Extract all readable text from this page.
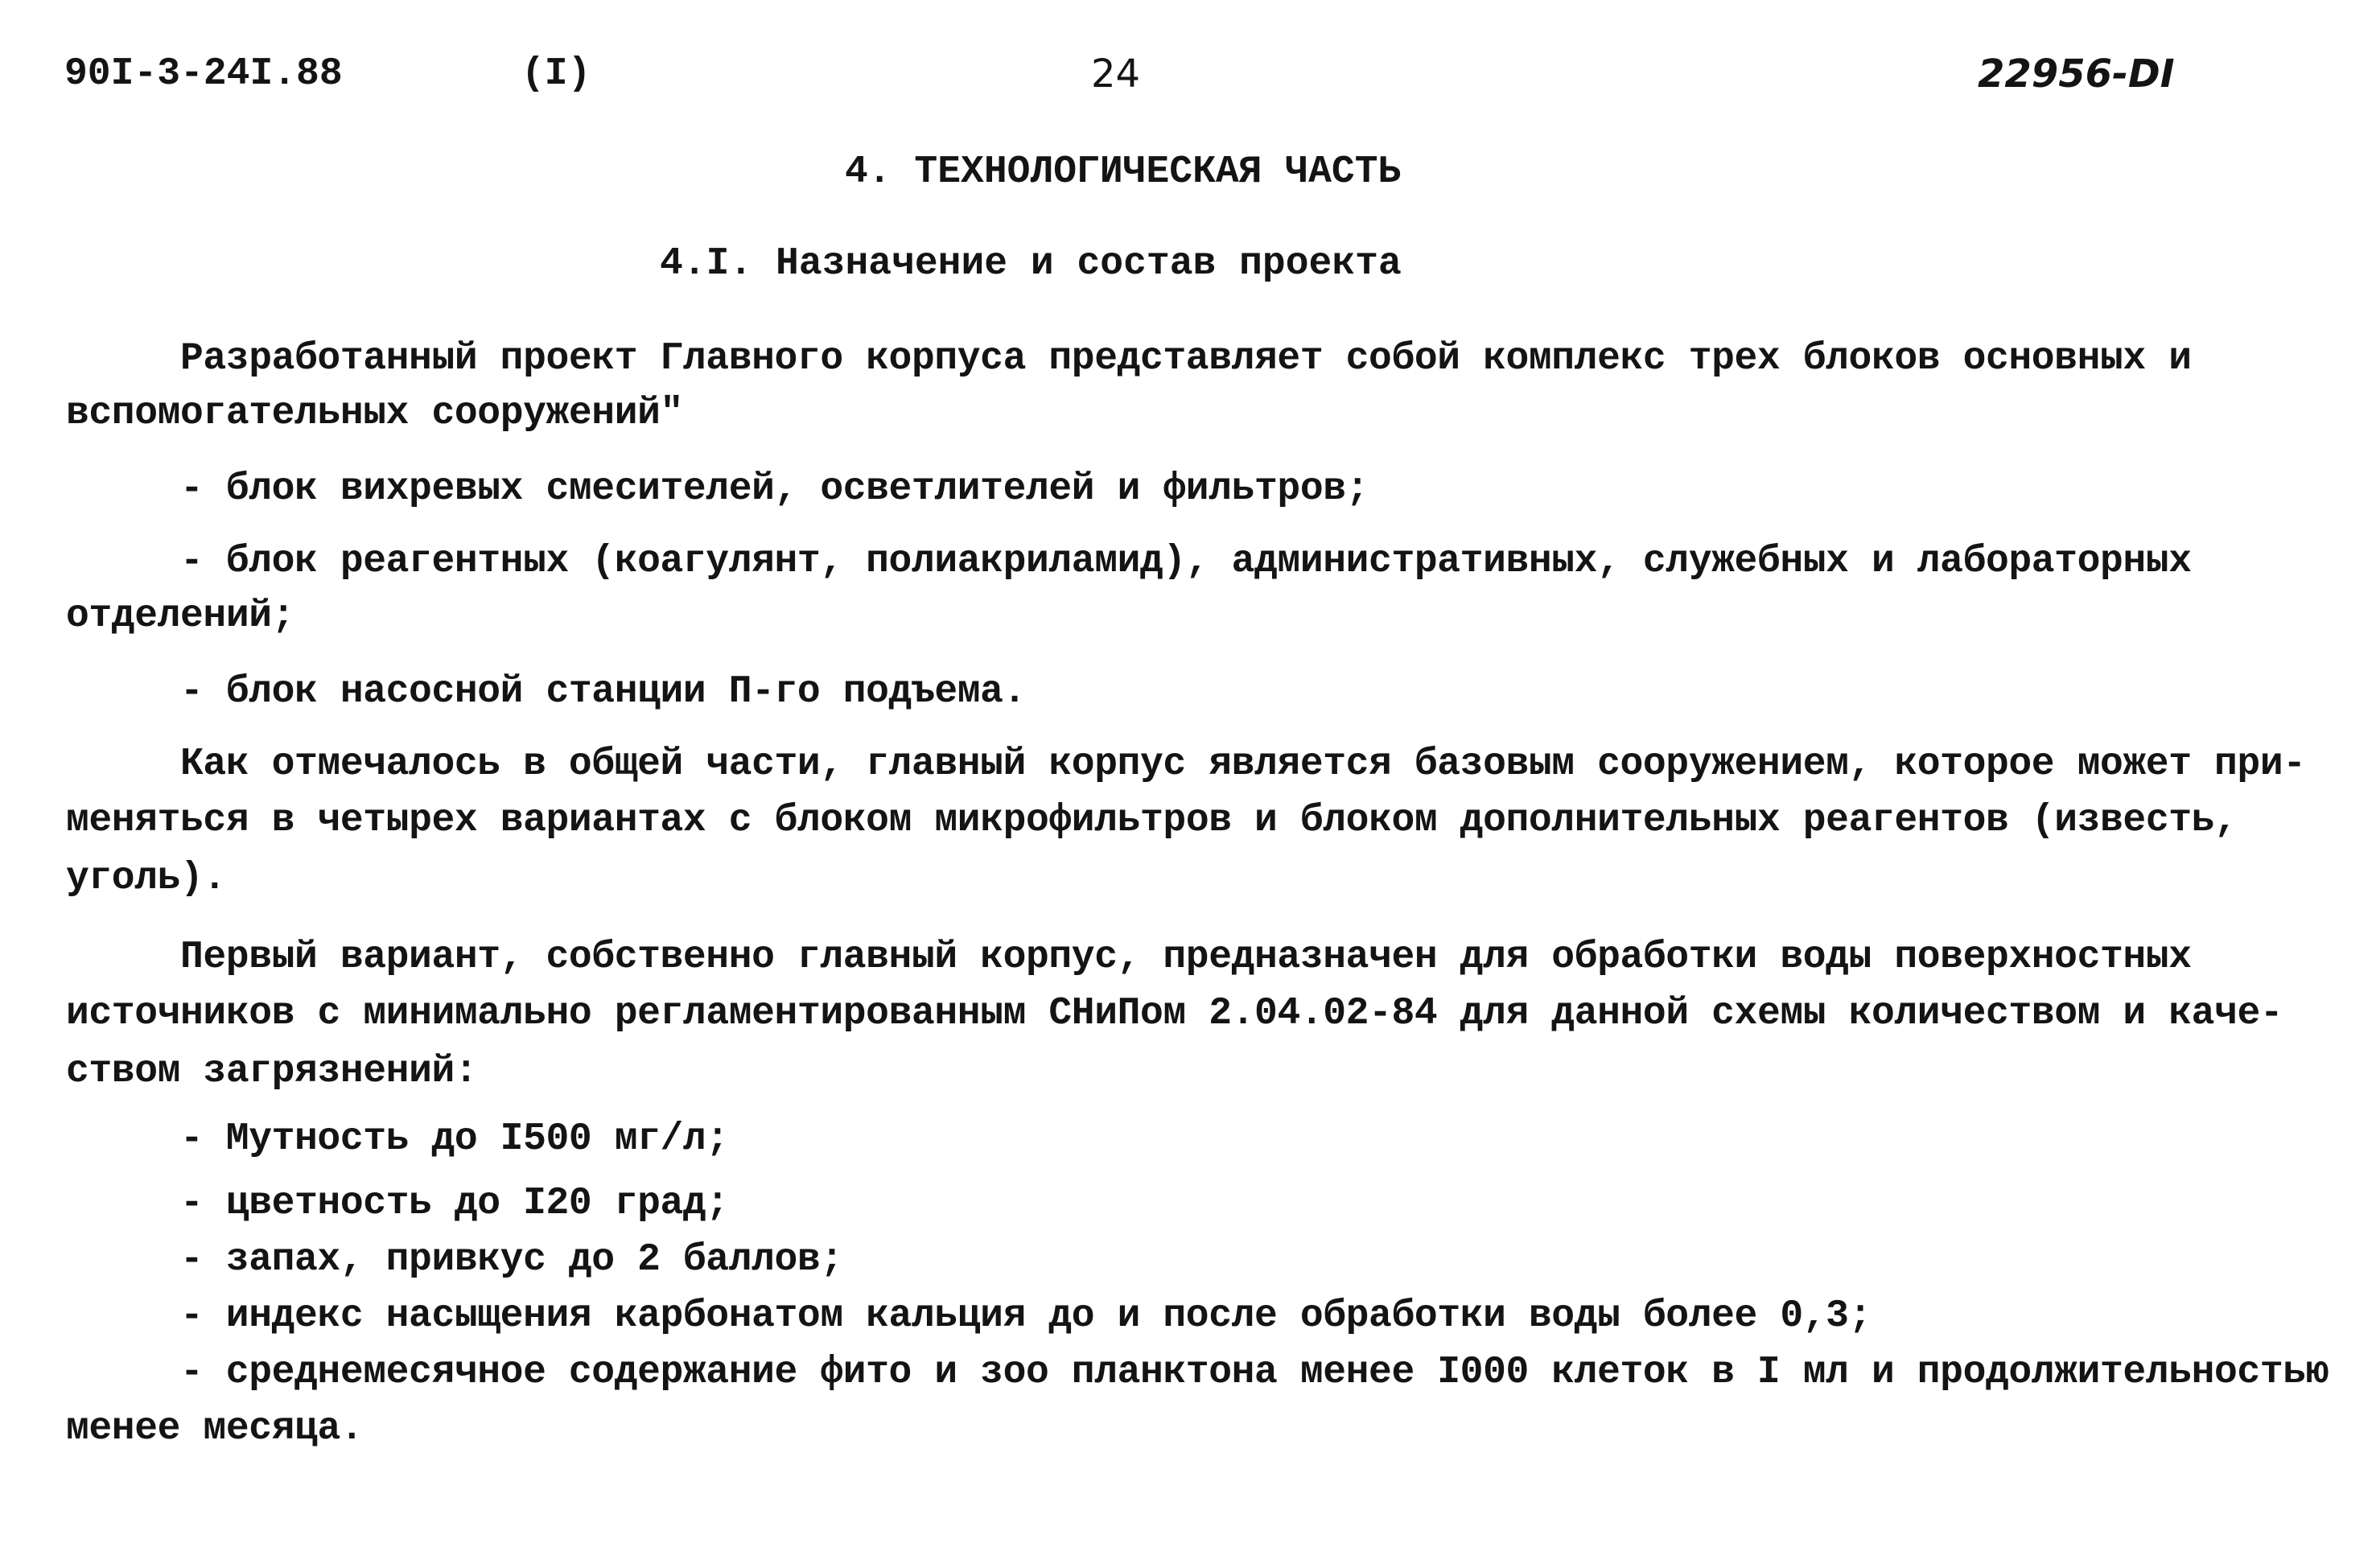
90I-3-24I.88	(I)	24	22956-DI
4. ТЕХНОЛОГИЧЕСКАЯ ЧАСТЬ
4.I. Назначение и состав проекта
Разработанный проект Главного корпуса представляет собой комплекс трех блоков основных и
вспомогательных сооружений"
- блок вихревых смесителей, осветлителей и фильтров;
- блок реагентных (коагулянт, полиакриламид), административных, служебных и лабораторных
отделений;
- блок насосной станции П-го подъема.
Как отмечалось в общей части, главный корпус является базовым сооружением, которое может при-
меняться в четырех вариантах с блоком микрофильтров и блоком дополнительных реагентов (известь,
уголь).
Первый вариант, собственно главный корпус, предназначен для обработки воды поверхностных
источников с минимально регламентированным СНиПом 2.04.02-84 для данной схемы количеством и каче-
ством загрязнений:
- Мутность до I500 мг/л;
- цветность до I20 град;
- запах, привкус до 2 баллов;
- индекс насыщения карбонатом кальция до и после обработки воды более 0,3;
- среднемесячное содержание фито и зоо планктона менее I000 клеток в I мл и продолжительностью
менее месяца.
